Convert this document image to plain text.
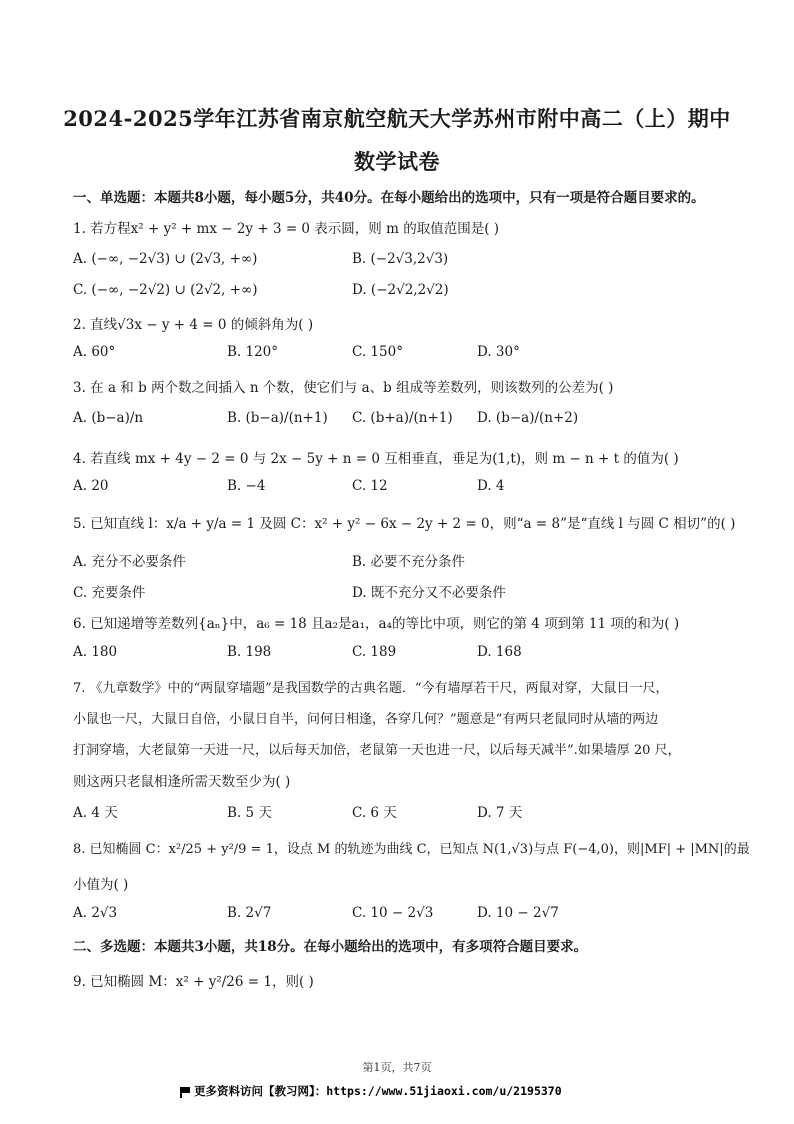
2024-2025学年江苏省南京航空航天大学苏州市附中高二（上）期中
数学试卷
一、单选题：本题共8小题，每小题5分，共40分。在每小题给出的选项中，只有一项是符合题目要求的。
1. 若方程x² + y² + mx − 2y + 3 = 0 表示圆，则 m 的取值范围是( )
A. (−∞, −2√3) ∪ (2√3, +∞)	B. (−2√3,2√3)
C. (−∞, −2√2) ∪ (2√2, +∞)	D. (−2√2,2√2)
2. 直线√3x − y + 4 = 0 的倾斜角为( )
A. 60°	B. 120°	C. 150°	D. 30°
3. 在 a 和 b 两个数之间插入 n 个数，使它们与 a、b 组成等差数列，则该数列的公差为( )
A. (b−a)/n	B. (b−a)/(n+1) C. (b+a)/(n+1) D. (b−a)/(n+2)
4. 若直线 mx + 4y − 2 = 0 与 2x − 5y + n = 0 互相垂直，垂足为(1,t)，则 m − n + t 的值为( )
A. 20	B. −4	C. 12	D. 4
5. 已知直线 l：x/a + y/a = 1 及圆 C：x² + y² − 6x − 2y + 2 = 0，则“a = 8”是“直线 l 与圆 C 相切”的( )
A. 充分不必要条件	B. 必要不充分条件
C. 充要条件	D. 既不充分又不必要条件
6. 已知递增等差数列{aₙ}中，a₆ = 18 且a₂是a₁，a₄的等比中项，则它的第 4 项到第 11 项的和为( )
A. 180	B. 198	C. 189	D. 168
7. 《九章数学》中的“两鼠穿墙题”是我国数学的古典名题．“今有墙厚若干尺，两鼠对穿，大鼠日一尺，
小鼠也一尺，大鼠日自倍，小鼠日自半，问何日相逢，各穿几何？”题意是“有两只老鼠同时从墙的两边
打洞穿墙，大老鼠第一天进一尺，以后每天加倍，老鼠第一天也进一尺，以后每天减半”.如果墙厚 20 尺，
则这两只老鼠相逢所需天数至少为( )
A. 4 天	B. 5 天	C. 6 天	D. 7 天
8. 已知椭圆 C：x²/25 + y²/9 = 1，设点 M 的轨迹为曲线 C，已知点 N(1,√3)与点 F(−4,0)，则|MF| + |MN|的最
小值为( )
A. 2√3	B. 2√7	C. 10 − 2√3	D. 10 − 2√7
二、多选题：本题共3小题，共18分。在每小题给出的选项中，有多项符合题目要求。
9. 已知椭圆 M：x² + y²/26 = 1，则( )
第1页，共7页
更多资料访问【教习网】：https://www.51jiaoxi.com/u/2195370
